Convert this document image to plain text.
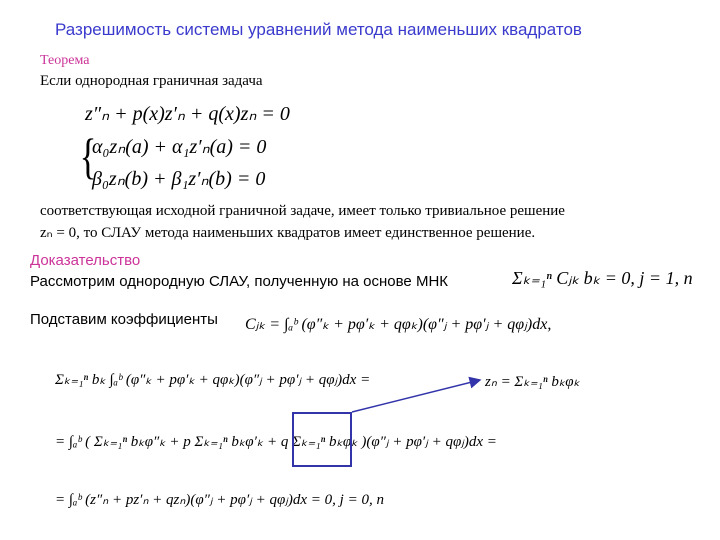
Разрешимость системы уравнений метода наименьших квадратов
Теорема
Если однородная граничная задача
z″ₙ + p(x)z′ₙ + q(x)zₙ = 0
{
α₀zₙ(a) + α₁z′ₙ(a) = 0
β₀zₙ(b) + β₁z′ₙ(b) = 0
соответствующая исходной граничной задаче, имеет только тривиальное решение
zₙ = 0, то СЛАУ метода наименьших квадратов имеет единственное решение.
Доказательство
Рассмотрим однородную СЛАУ, полученную на основе МНК	Σₖ₌₁ⁿ Cⱼₖ bₖ = 0, j = 1, n
Подставим коэффициенты Cⱼₖ = ∫ₐᵇ (φ″ₖ + pφ′ₖ + qφₖ)(φ″ⱼ + pφ′ⱼ + qφⱼ)dx,
Σₖ₌₁ⁿ bₖ ∫ₐᵇ (φ″ₖ + pφ′ₖ + qφₖ)(φ″ⱼ + pφ′ⱼ + qφⱼ)dx =	zₙ = Σₖ₌₁ⁿ bₖφₖ
= ∫ₐᵇ ( Σₖ₌₁ⁿ bₖφ″ₖ + p Σₖ₌₁ⁿ bₖφ′ₖ + q Σₖ₌₁ⁿ bₖφₖ )(φ″ⱼ + pφ′ⱼ + qφⱼ)dx =
= ∫ₐᵇ (z″ₙ + pz′ₙ + qzₙ)(φ″ⱼ + pφ′ⱼ + qφⱼ)dx = 0, j = 0, n
